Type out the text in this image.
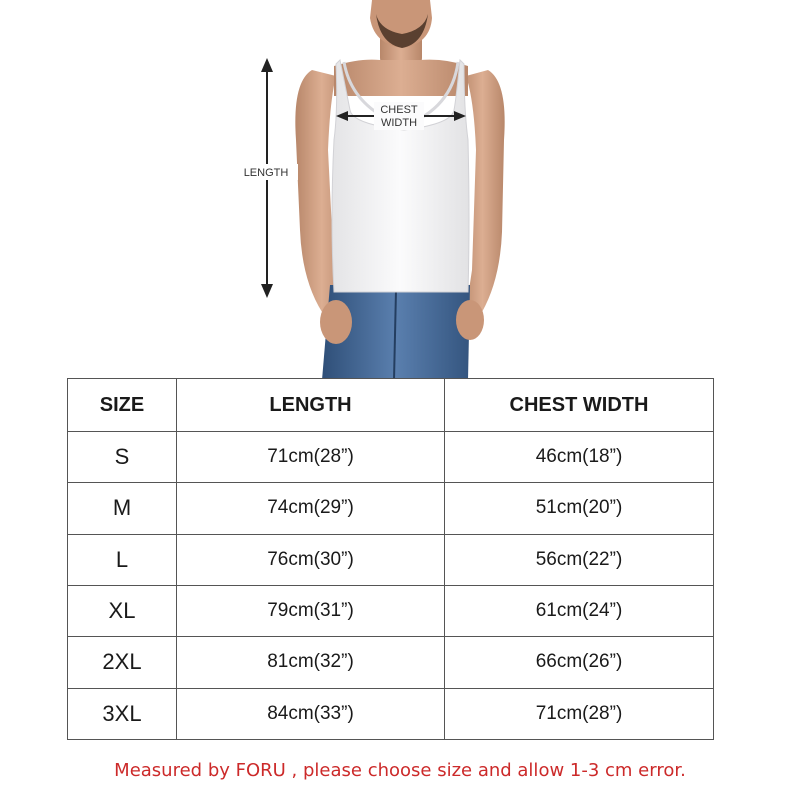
LENGTH
CHEST
WIDTH
SIZE	LENGTH	CHEST WIDTH
S	71cm(28”)	46cm(18”)
M	74cm(29”)	51cm(20”)
L	76cm(30”)	56cm(22”)
XL	79cm(31”)	61cm(24”)
2XL	81cm(32”)	66cm(26”)
3XL	84cm(33”)	71cm(28”)
Measured by FORU , please choose size and allow 1-3 cm error.
